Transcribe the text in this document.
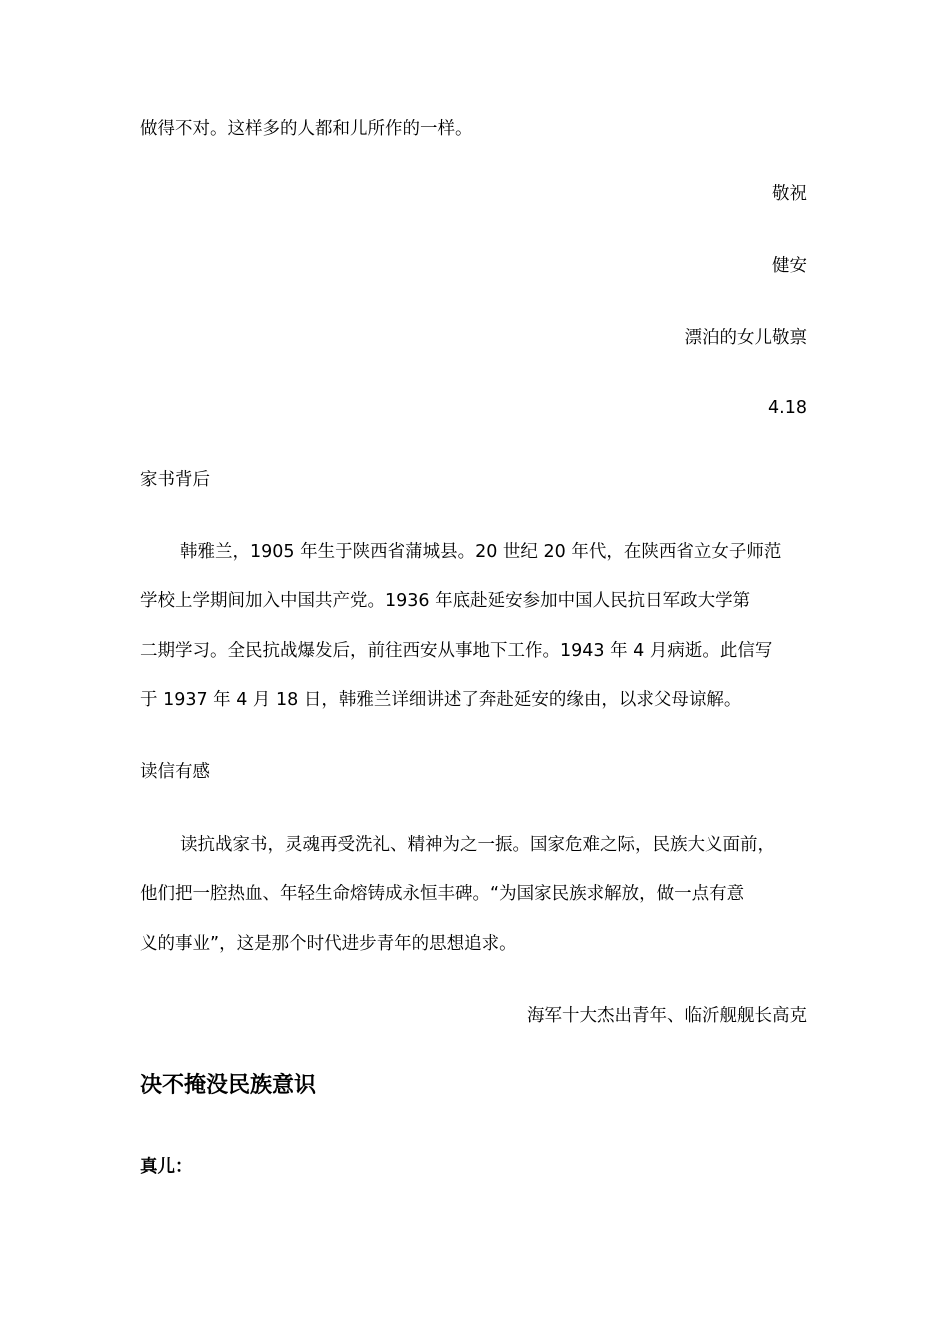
做得不对。这样多的人都和儿所作的一样。
敬祝
健安
漂泊的女儿敬禀
4.18
家书背后
韩雅兰，1905 年生于陕西省蒲城县。20 世纪 20 年代，在陕西省立女子师范
学校上学期间加入中国共产党。1936 年底赴延安参加中国人民抗日军政大学第
二期学习。全民抗战爆发后，前往西安从事地下工作。1943 年 4 月病逝。此信写
于 1937 年 4 月 18 日，韩雅兰详细讲述了奔赴延安的缘由，以求父母谅解。
读信有感
读抗战家书，灵魂再受洗礼、精神为之一振。国家危难之际，民族大义面前，
他们把一腔热血、年轻生命熔铸成永恒丰碑。“为国家民族求解放，做一点有意
义的事业”，这是那个时代进步青年的思想追求。
海军十大杰出青年、临沂舰舰长高克
决不掩没民族意识
真儿：
